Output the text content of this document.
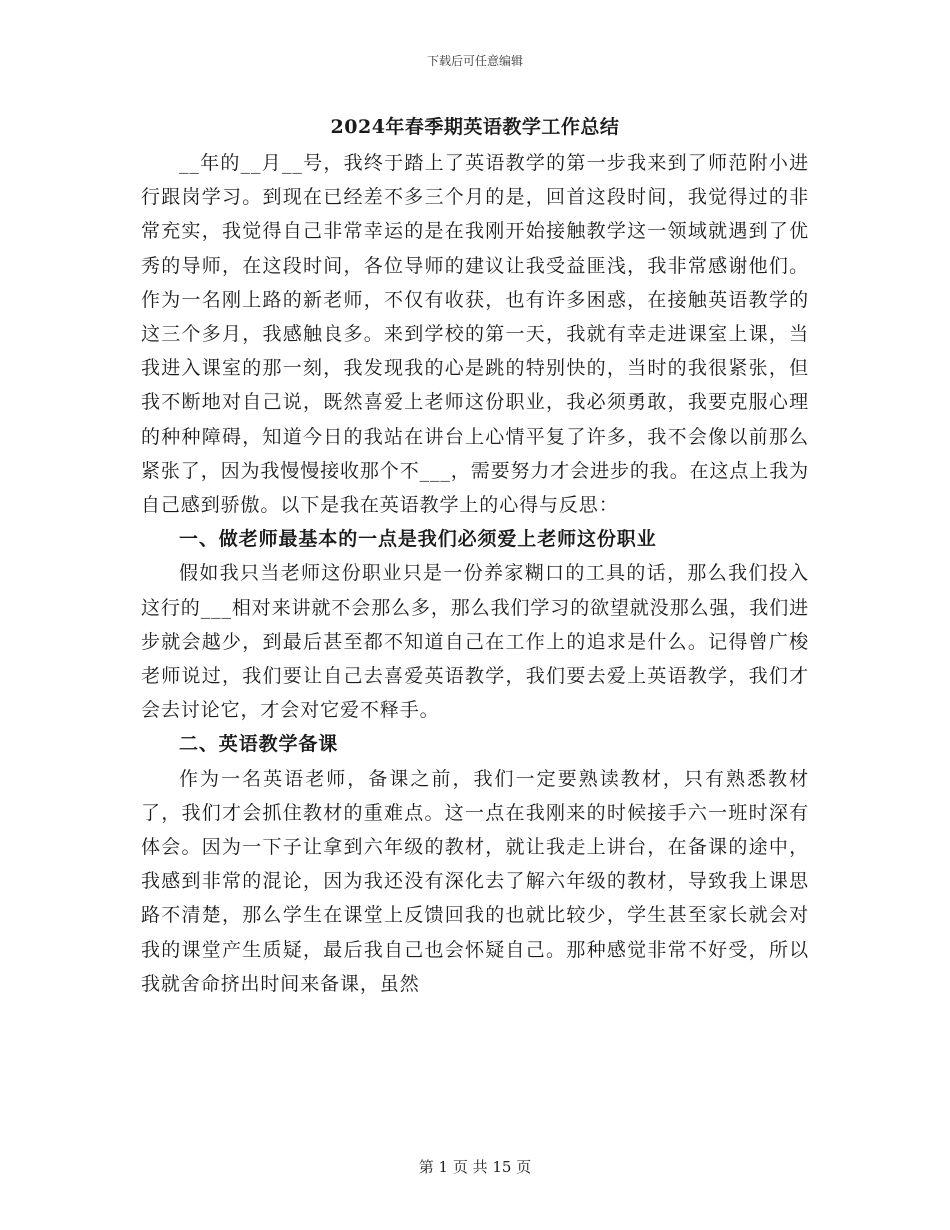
下载后可任意编辑
2024年春季期英语教学工作总结

__年的__月__号，我终于踏上了英语教学的第一步我来到了师范附小进行跟岗学习。到现在已经差不多三个月的是，回首这段时间，我觉得过的非常充实，我觉得自己非常幸运的是在我刚开始接触教学这一领域就遇到了优秀的导师，在这段时间，各位导师的建议让我受益匪浅，我非常感谢他们。作为一名刚上路的新老师，不仅有收获，也有许多困惑，在接触英语教学的这三个多月，我感触良多。来到学校的第一天，我就有幸走进课室上课，当我进入课室的那一刻，我发现我的心是跳的特别快的，当时的我很紧张，但我不断地对自己说，既然喜爱上老师这份职业，我必须勇敢，我要克服心理的种种障碍，知道今日的我站在讲台上心情平复了许多，我不会像以前那么紧张了，因为我慢慢接收那个不___，需要努力才会进步的我。在这点上我为自己感到骄傲。以下是我在英语教学上的心得与反思：

一、做老师最基本的一点是我们必须爱上老师这份职业

假如我只当老师这份职业只是一份养家糊口的工具的话，那么我们投入这行的___相对来讲就不会那么多，那么我们学习的欲望就没那么强，我们进步就会越少，到最后甚至都不知道自己在工作上的追求是什么。记得曾广梭老师说过，我们要让自己去喜爱英语教学，我们要去爱上英语教学，我们才会去讨论它，才会对它爱不释手。

二、英语教学备课

作为一名英语老师，备课之前，我们一定要熟读教材，只有熟悉教材了，我们才会抓住教材的重难点。这一点在我刚来的时候接手六一班时深有体会。因为一下子让拿到六年级的教材，就让我走上讲台，在备课的途中，我感到非常的混论，因为我还没有深化去了解六年级的教材，导致我上课思路不清楚，那么学生在课堂上反馈回我的也就比较少，学生甚至家长就会对我的课堂产生质疑，最后我自己也会怀疑自己。那种感觉非常不好受，所以我就舍命挤出时间来备课，虽然

第 1 页 共 15 页
